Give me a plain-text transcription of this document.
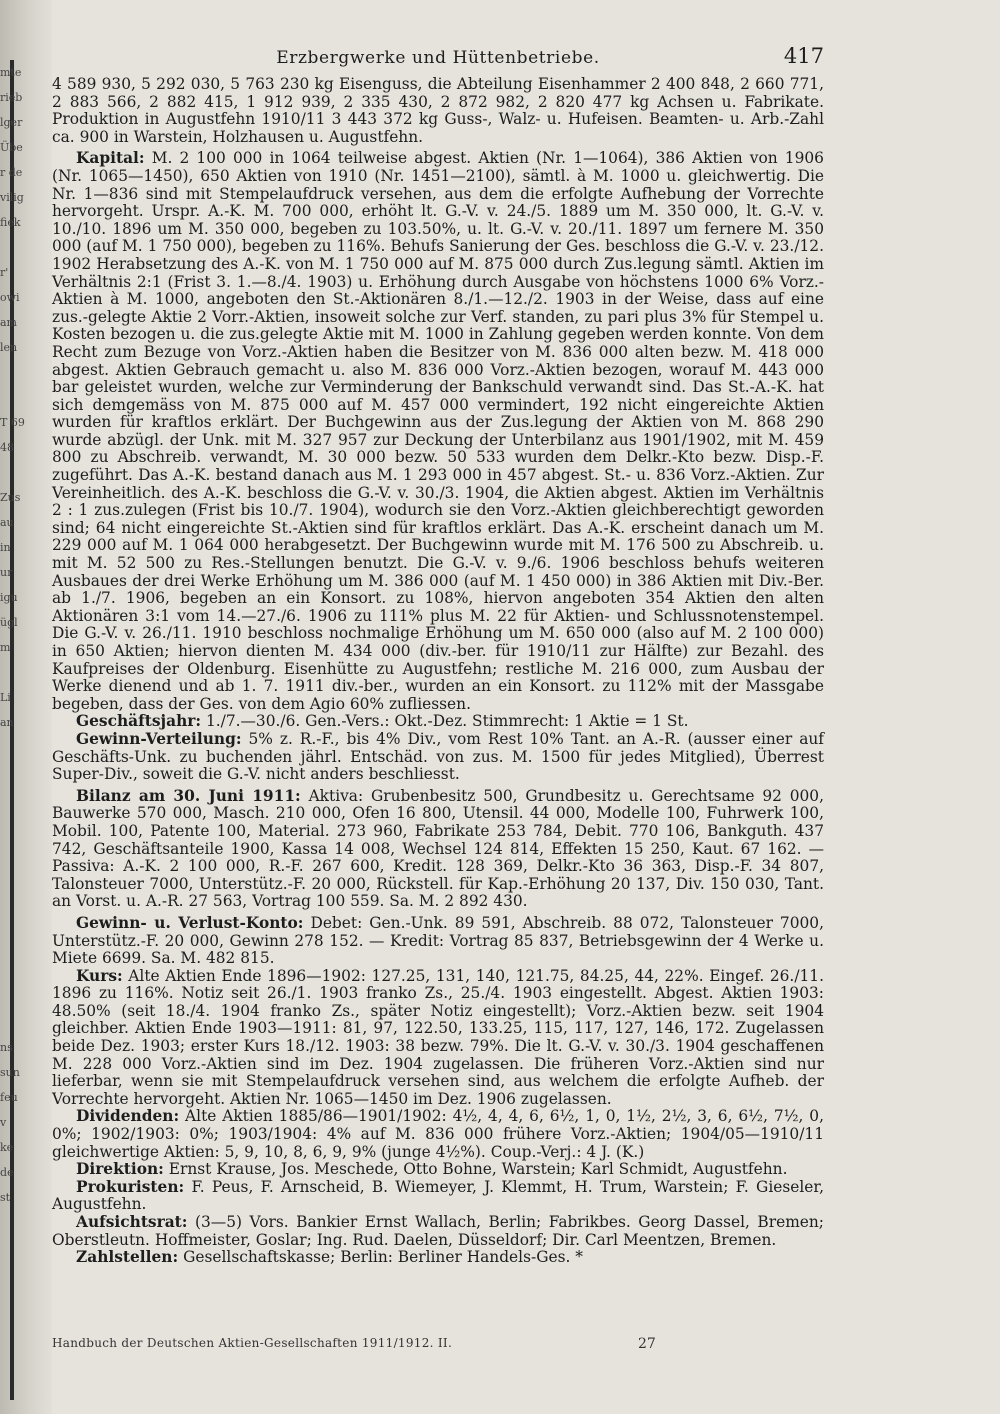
mte
rieb
lger
Übe
r de
vilig
fiek

r'
owi
am
len

T 69
48

Zus
au
in
ur
igu
ügl
m

Li
an

ns
sun
feu
v
ke
de
st
Erzbergwerke und Hüttenbetriebe.	417

4 589 930, 5 292 030, 5 763 230 kg Eisenguss, die Abteilung Eisenhammer 2 400 848, 2 660 771, 2 883 566, 2 882 415, 1 912 939, 2 335 430, 2 872 982, 2 820 477 kg Achsen u. Fabrikate. Produktion in Augustfehn 1910/11 3 443 372 kg Guss-, Walz- u. Hufeisen. Beamten- u. Arb.-Zahl ca. 900 in Warstein, Holzhausen u. Augustfehn.

Kapital: M. 2 100 000 in 1064 teilweise abgest. Aktien (Nr. 1—1064), 386 Aktien von 1906 (Nr. 1065—1450), 650 Aktien von 1910 (Nr. 1451—2100), sämtl. à M. 1000 u. gleichwertig. Die Nr. 1—836 sind mit Stempelaufdruck versehen, aus dem die erfolgte Aufhebung der Vorrechte hervorgeht. Urspr. A.-K. M. 700 000, erhöht lt. G.-V. v. 24./5. 1889 um M. 350 000, lt. G.-V. v. 10./10. 1896 um M. 350 000, begeben zu 103.50%, u. lt. G.-V. v. 20./11. 1897 um fernere M. 350 000 (auf M. 1 750 000), begeben zu 116%. Behufs Sanierung der Ges. beschloss die G.-V. v. 23./12. 1902 Herabsetzung des A.-K. von M. 1 750 000 auf M. 875 000 durch Zus.legung sämtl. Aktien im Verhältnis 2:1 (Frist 3. 1.—8./4. 1903) u. Erhöhung durch Ausgabe von höchstens 1000 6% Vorz.-Aktien à M. 1000, angeboten den St.-Aktionären 8./1.—12./2. 1903 in der Weise, dass auf eine zus.-gelegte Aktie 2 Vorr.-Aktien, insoweit solche zur Verf. standen, zu pari plus 3% für Stempel u. Kosten bezogen u. die zus.gelegte Aktie mit M. 1000 in Zahlung gegeben werden konnte. Von dem Recht zum Bezuge von Vorz.-Aktien haben die Besitzer von M. 836 000 alten bezw. M. 418 000 abgest. Aktien Gebrauch gemacht u. also M. 836 000 Vorz.-Aktien bezogen, worauf M. 443 000 bar geleistet wurden, welche zur Verminderung der Bankschuld verwandt sind. Das St.-A.-K. hat sich demgemäss von M. 875 000 auf M. 457 000 vermindert, 192 nicht eingereichte Aktien wurden für kraftlos erklärt. Der Buchgewinn aus der Zus.legung der Aktien von M. 868 290 wurde abzügl. der Unk. mit M. 327 957 zur Deckung der Unterbilanz aus 1901/1902, mit M. 459 800 zu Abschreib. verwandt, M. 30 000 bezw. 50 533 wurden dem Delkr.-Kto bezw. Disp.-F. zugeführt. Das A.-K. bestand danach aus M. 1 293 000 in 457 abgest. St.- u. 836 Vorz.-Aktien. Zur Vereinheitlich. des A.-K. beschloss die G.-V. v. 30./3. 1904, die Aktien abgest. Aktien im Verhältnis 2 : 1 zus.zulegen (Frist bis 10./7. 1904), wodurch sie den Vorz.-Aktien gleichberechtigt geworden sind; 64 nicht eingereichte St.-Aktien sind für kraftlos erklärt. Das A.-K. erscheint danach um M. 229 000 auf M. 1 064 000 herabgesetzt. Der Buchgewinn wurde mit M. 176 500 zu Abschreib. u. mit M. 52 500 zu Res.-Stellungen benutzt. Die G.-V. v. 9./6. 1906 beschloss behufs weiteren Ausbaues der drei Werke Erhöhung um M. 386 000 (auf M. 1 450 000) in 386 Aktien mit Div.-Ber. ab 1./7. 1906, begeben an ein Konsort. zu 108%, hiervon angeboten 354 Aktien den alten Aktionären 3:1 vom 14.—27./6. 1906 zu 111% plus M. 22 für Aktien- und Schlussnotenstempel. Die G.-V. v. 26./11. 1910 beschloss nochmalige Erhöhung um M. 650 000 (also auf M. 2 100 000) in 650 Aktien; hiervon dienten M. 434 000 (div.-ber. für 1910/11 zur Hälfte) zur Bezahl. des Kaufpreises der Oldenburg. Eisenhütte zu Augustfehn; restliche M. 216 000, zum Ausbau der Werke dienend und ab 1. 7. 1911 div.-ber., wurden an ein Konsort. zu 112% mit der Massgabe begeben, dass der Ges. von dem Agio 60% zufliessen.

Geschäftsjahr: 1./7.—30./6. Gen.-Vers.: Okt.-Dez. Stimmrecht: 1 Aktie = 1 St.

Gewinn-Verteilung: 5% z. R.-F., bis 4% Div., vom Rest 10% Tant. an A.-R. (ausser einer auf Geschäfts-Unk. zu buchenden jährl. Entschäd. von zus. M. 1500 für jedes Mitglied), Überrest Super-Div., soweit die G.-V. nicht anders beschliesst.

Bilanz am 30. Juni 1911: Aktiva: Grubenbesitz 500, Grundbesitz u. Gerechtsame 92 000, Bauwerke 570 000, Masch. 210 000, Ofen 16 800, Utensil. 44 000, Modelle 100, Fuhrwerk 100, Mobil. 100, Patente 100, Material. 273 960, Fabrikate 253 784, Debit. 770 106, Bankguth. 437 742, Geschäftsanteile 1900, Kassa 14 008, Wechsel 124 814, Effekten 15 250, Kaut. 67 162. — Passiva: A.-K. 2 100 000, R.-F. 267 600, Kredit. 128 369, Delkr.-Kto 36 363, Disp.-F. 34 807, Talonsteuer 7000, Unterstütz.-F. 20 000, Rückstell. für Kap.-Erhöhung 20 137, Div. 150 030, Tant. an Vorst. u. A.-R. 27 563, Vortrag 100 559. Sa. M. 2 892 430.

Gewinn- u. Verlust-Konto: Debet: Gen.-Unk. 89 591, Abschreib. 88 072, Talonsteuer 7000, Unterstütz.-F. 20 000, Gewinn 278 152. — Kredit: Vortrag 85 837, Betriebsgewinn der 4 Werke u. Miete 6699. Sa. M. 482 815.

Kurs: Alte Aktien Ende 1896—1902: 127.25, 131, 140, 121.75, 84.25, 44, 22%. Eingef. 26./11. 1896 zu 116%. Notiz seit 26./1. 1903 franko Zs., 25./4. 1903 eingestellt. Abgest. Aktien 1903: 48.50% (seit 18./4. 1904 franko Zs., später Notiz eingestellt); Vorz.-Aktien bezw. seit 1904 gleichber. Aktien Ende 1903—1911: 81, 97, 122.50, 133.25, 115, 117, 127, 146, 172. Zugelassen beide Dez. 1903; erster Kurs 18./12. 1903: 38 bezw. 79%. Die lt. G.-V. v. 30./3. 1904 geschaffenen M. 228 000 Vorz.-Aktien sind im Dez. 1904 zugelassen. Die früheren Vorz.-Aktien sind nur lieferbar, wenn sie mit Stempelaufdruck versehen sind, aus welchem die erfolgte Aufheb. der Vorrechte hervorgeht. Aktien Nr. 1065—1450 im Dez. 1906 zugelassen.

Dividenden: Alte Aktien 1885/86—1901/1902: 4½, 4, 4, 6, 6½, 1, 0, 1½, 2½, 3, 6, 6½, 7½, 0, 0%; 1902/1903: 0%; 1903/1904: 4% auf M. 836 000 frühere Vorz.-Aktien; 1904/05—1910/11 gleichwertige Aktien: 5, 9, 10, 8, 6, 9, 9% (junge 4½%). Coup.-Verj.: 4 J. (K.)

Direktion: Ernst Krause, Jos. Meschede, Otto Bohne, Warstein; Karl Schmidt, Augustfehn.

Prokuristen: F. Peus, F. Arnscheid, B. Wiemeyer, J. Klemmt, H. Trum, Warstein; F. Gieseler, Augustfehn.

Aufsichtsrat: (3—5) Vors. Bankier Ernst Wallach, Berlin; Fabrikbes. Georg Dassel, Bremen; Oberstleutn. Hoffmeister, Goslar; Ing. Rud. Daelen, Düsseldorf; Dir. Carl Meentzen, Bremen.

Zahlstellen: Gesellschaftskasse; Berlin: Berliner Handels-Ges. *

Handbuch der Deutschen Aktien-Gesellschaften 1911/1912. II.	27
